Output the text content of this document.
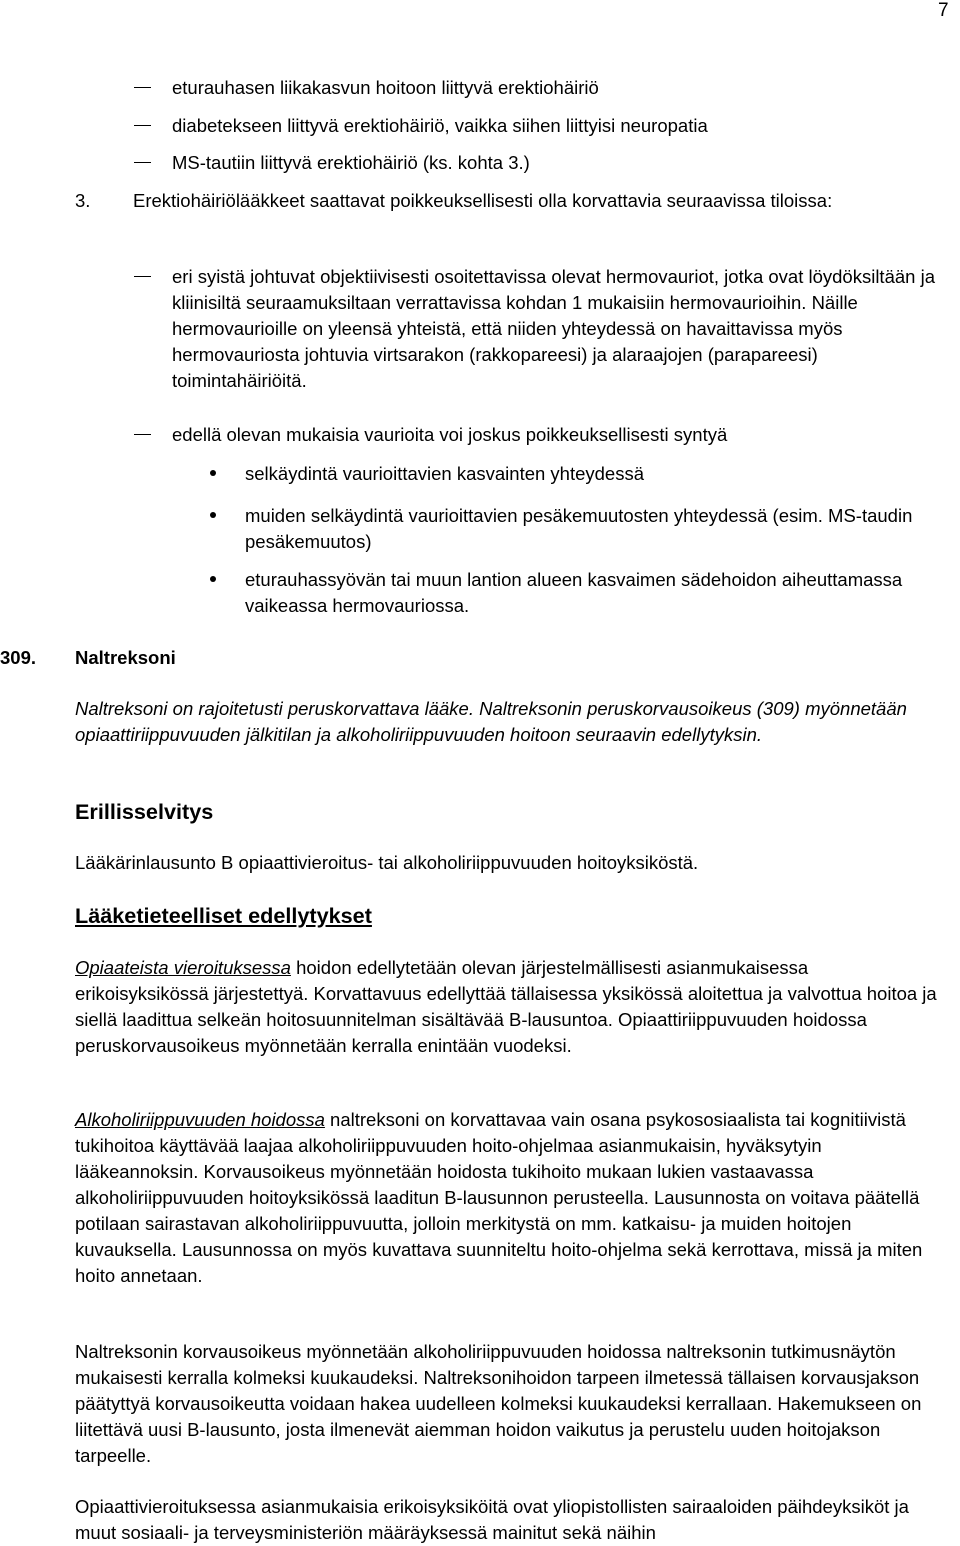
7
eturauhasen liikakasvun hoitoon liittyvä erektiohäiriö
diabetekseen liittyvä erektiohäiriö, vaikka siihen liittyisi neuropatia
MS-tautiin liittyvä erektiohäiriö (ks. kohta 3.)
3.	Erektiohäiriölääkkeet saattavat poikkeuksellisesti olla korvattavia seuraavissa tiloissa:
eri syistä johtuvat objektiivisesti osoitettavissa olevat hermovauriot, jotka ovat löydöksiltään ja kliinisiltä seuraamuksiltaan verrattavissa kohdan 1 mukaisiin hermovaurioihin. Näille hermovaurioille on yleensä yhteistä, että niiden yhteydessä on havaittavissa myös hermovauriosta johtuvia virtsarakon (rakkopareesi) ja alaraajojen (parapareesi) toimintahäiriöitä.
edellä olevan mukaisia vaurioita voi joskus poikkeuksellisesti syntyä
selkäydintä vaurioittavien kasvainten yhteydessä
muiden selkäydintä vaurioittavien pesäkemuutosten yhteydessä (esim. MS-taudin pesäkemuutos)
eturauhassyövän tai muun lantion alueen kasvaimen sädehoidon aiheuttamassa vaikeassa hermovauriossa.
309. Naltreksoni

Naltreksoni on rajoitetusti peruskorvattava lääke. Naltreksonin peruskorvausoikeus (309) myönnetään opiaattiriippuvuuden jälkitilan ja alkoholiriippuvuuden hoitoon seuraavin edellytyksin.

Erillisselvitys

Lääkärinlausunto B opiaattivieroitus- tai alkoholiriippuvuuden hoitoyksiköstä.

Lääketieteelliset edellytykset

Opiaateista vieroituksessa hoidon edellytetään olevan järjestelmällisesti asianmukaisessa erikoisyksikössä järjestettyä. Korvattavuus edellyttää tällaisessa yksikössä aloitettua ja valvottua hoitoa ja siellä laadittua selkeän hoitosuunnitelman sisältävää B-lausuntoa. Opiaattiriippuvuuden hoidossa peruskorvausoikeus myönnetään kerralla enintään vuodeksi.

Alkoholiriippuvuuden hoidossa naltreksoni on korvattavaa vain osana psykososiaalista tai kognitiivistä tukihoitoa käyttävää laajaa alkoholiriippuvuuden hoito-ohjelmaa asianmukaisin, hyväksytyin lääkeannoksin. Korvausoikeus myönnetään hoidosta tukihoito mukaan lukien vastaavassa alkoholiriippuvuuden hoitoyksikössä laaditun B-lausunnon perusteella. Lausunnosta on voitava päätellä potilaan sairastavan alkoholiriippuvuutta, jolloin merkitystä on mm. katkaisu- ja muiden hoitojen kuvauksella. Lausunnossa on myös kuvattava suunniteltu hoito-ohjelma sekä kerrottava, missä ja miten hoito annetaan.

Naltreksonin korvausoikeus myönnetään alkoholiriippuvuuden hoidossa naltreksonin tutkimusnäytön mukaisesti kerralla kolmeksi kuukaudeksi. Naltreksonihoidon tarpeen ilmetessä tällaisen korvausjakson päätyttyä korvausoikeutta voidaan hakea uudelleen kolmeksi kuukaudeksi kerrallaan. Hakemukseen on liitettävä uusi B-lausunto, josta ilmenevät aiemman hoidon vaikutus ja perustelu uuden hoitojakson tarpeelle.

Opiaattivieroituksessa asianmukaisia erikoisyksiköitä ovat yliopistollisten sairaaloiden päihdeyksiköt ja muut sosiaali- ja terveysministeriön määräyksessä mainitut sekä näihin
